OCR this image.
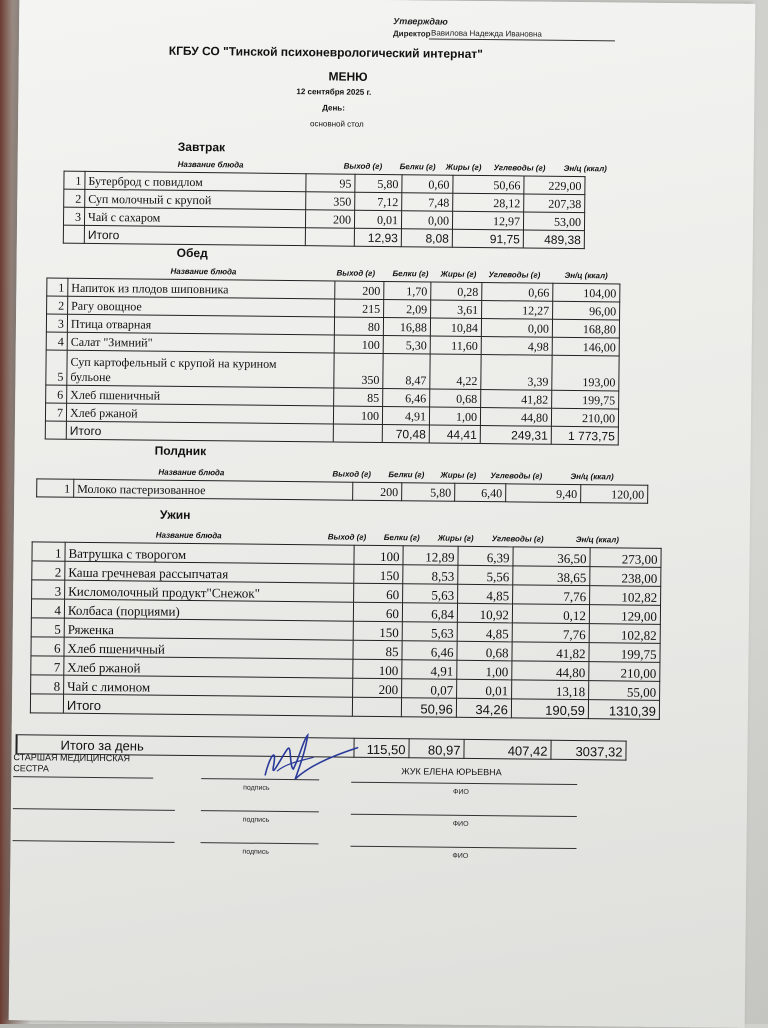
Утверждаю
Директор Вавилова Надежда Ивановна
КГБУ СО "Тинской психоневрологический интернат"
МЕНЮ
12 сентября 2025 г.
День:
основной стол
Завтрак
Название блюда	Выход (г) Белки (г) Жиры (г) Углеводы (г) Эн/ц (ккал)
1	Бутерброд с повидлом	95	5,80	0,60	50,66	229,00
2	Суп молочный с крупой	350	7,12	7,48	28,12	207,38
3	Чай с сахаром	200	0,01	0,00	12,97	53,00
	Итого		12,93	8,08	91,75	489,38
Обед
Название блюда	Выход (г) Белки (г) Жиры (г) Углеводы (г)	Эн/ц (ккал)
1	Напиток из плодов шиповника	200	1,70	0,28	0,66	104,00
2	Рагу овощное	215	2,09	3,61	12,27	96,00
3	Птица отварная	80	16,88	10,84	0,00	168,80
4	Салат "Зимний"	100	5,30	11,60	4,98	146,00
5	Суп картофельный с крупой на курином
бульоне	350	8,47	4,22	3,39	193,00
6	Хлеб пшеничный	85	6,46	0,68	41,82	199,75
7	Хлеб ржаной	100	4,91	1,00	44,80	210,00
	Итого		70,48	44,41	249,31	1 773,75
Полдник
Название блюда	Выход (г) Белки (г) Жиры (г) Углеводы (г)	Эн/ц (ккал)
1	Молоко пастеризованное	200	5,80	6,40	9,40	120,00
Ужин
Название блюда	Выход (г) Белки (г) Жиры (г) Углеводы (г)	Эн/ц (ккал)
1	Ватрушка с творогом	100	12,89	6,39	36,50	273,00
2	Каша гречневая рассыпчатая	150	8,53	5,56	38,65	238,00
3	Кисломолочный продукт"Снежок"	60	5,63	4,85	7,76	102,82
4	Колбаса (порциями)	60	6,84	10,92	0,12	129,00
5	Ряженка	150	5,63	4,85	7,76	102,82
6	Хлеб пшеничный	85	6,46	0,68	41,82	199,75
7	Хлеб ржаной	100	4,91	1,00	44,80	210,00
8	Чай с лимоном	200	0,07	0,01	13,18	55,00
	Итого		50,96	34,26	190,59	1310,39
Итого за день	115,50	80,97	407,42	3037,32
СТАРШАЯ МЕДИЦИНСКАЯ
СЕСТРА
подпись
ЖУК ЕЛЕНА ЮРЬЕВНА
ФИО
подпись
ФИО
подпись
ФИО
